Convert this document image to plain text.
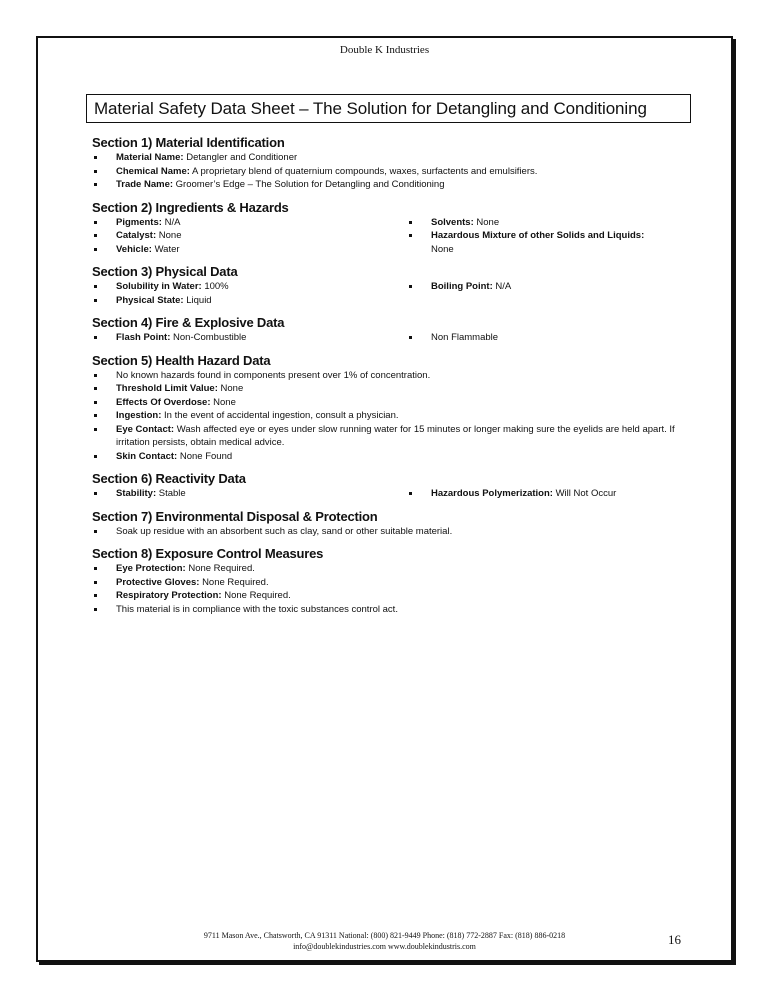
Double K Industries
Material Safety Data Sheet – The Solution for Detangling and Conditioning
Section 1) Material Identification
Material Name: Detangler and Conditioner
Chemical Name: A proprietary blend of quaternium compounds, waxes, surfactents and emulsifiers.
Trade Name: Groomer’s Edge – The Solution for Detangling and Conditioning
Section 2) Ingredients & Hazards
Pigments: N/A
Catalyst: None
Vehicle: Water
Solvents: None
Hazardous Mixture of other Solids and Liquids:
None
Section 3) Physical Data
Solubility in Water: 100%
Physical State: Liquid
Boiling Point: N/A
Section 4) Fire & Explosive Data
Flash Point: Non-Combustible	Non Flammable
Section 5) Health Hazard Data
No known hazards found in components present over 1% of concentration.
Threshold Limit Value: None
Effects Of Overdose: None
Ingestion: In the event of accidental ingestion, consult a physician.
Eye Contact: Wash affected eye or eyes under slow running water for 15 minutes or longer making sure the eyelids are held apart. If irritation persists, obtain medical advice.
Skin Contact: None Found
Section 6) Reactivity Data
Stability: Stable	Hazardous Polymerization: Will Not Occur
Section 7) Environmental Disposal & Protection
Soak up residue with an absorbent such as clay, sand or other suitable material.
Section 8) Exposure Control Measures
Eye Protection: None Required.
Protective Gloves: None Required.
Respiratory Protection: None Required.
This material is in compliance with the toxic substances control act.
9711 Mason Ave., Chatsworth, CA 91311 National: (800) 821-9449 Phone: (818) 772-2887 Fax: (818) 886-0218
info@doublekindustries.com www.doublekindustris.com	16
